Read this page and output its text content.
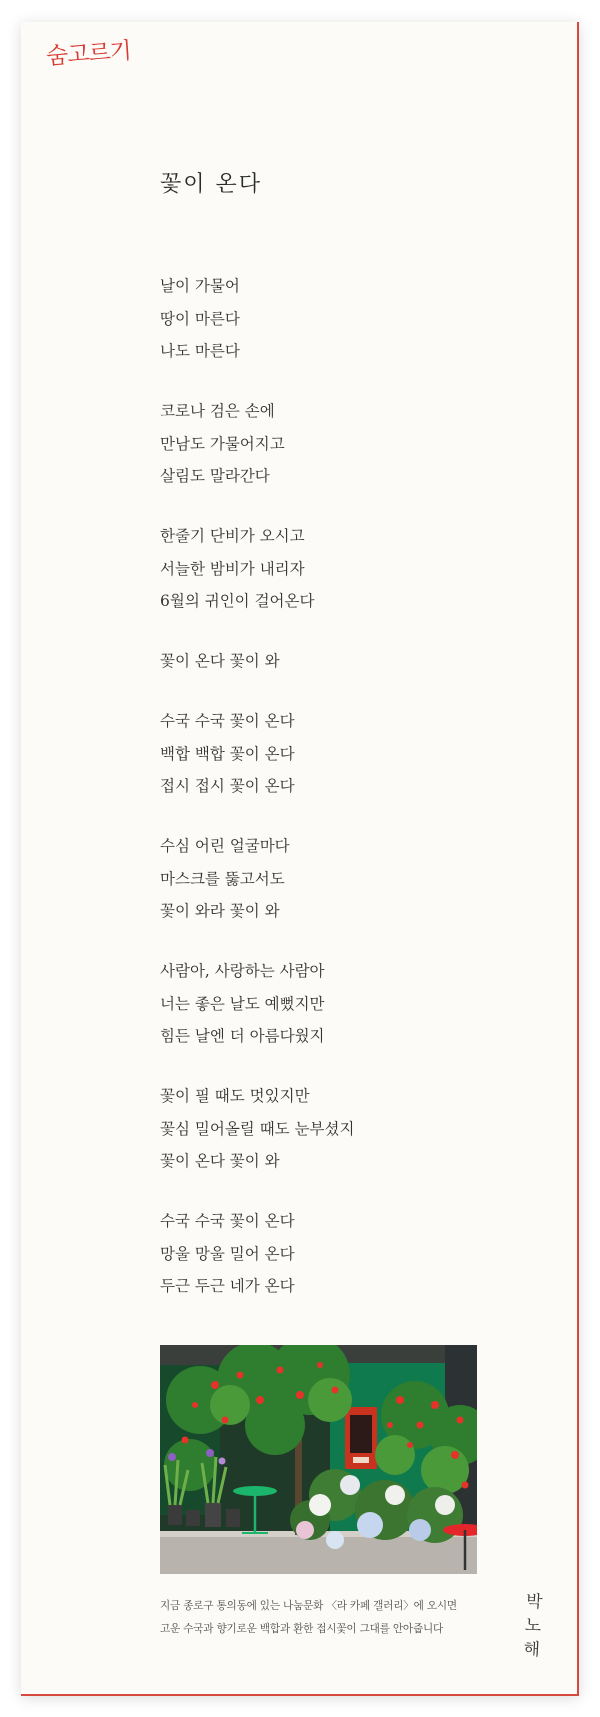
숨고르기
꽃이 온다
날이 가물어
땅이 마른다
나도 마른다
코로나 검은 손에
만남도 가물어지고
살림도 말라간다
한줄기 단비가 오시고
서늘한 밤비가 내리자
6월의 귀인이 걸어온다
꽃이 온다 꽃이 와
수국 수국 꽃이 온다
백합 백합 꽃이 온다
접시 접시 꽃이 온다
수심 어린 얼굴마다
마스크를 뚫고서도
꽃이 와라 꽃이 와
사람아, 사랑하는 사람아
너는 좋은 날도 예뻤지만
힘든 날엔 더 아름다웠지
꽃이 필 때도 멋있지만
꽃심 밀어올릴 때도 눈부셨지
꽃이 온다 꽃이 와
수국 수국 꽃이 온다
망울 망울 밀어 온다
두근 두근 네가 온다
지금 종로구 통의동에 있는 나눔문화 〈라 카페 갤러리〉에 오시면
고운 수국과 향기로운 백합과 환한 접시꽃이 그대를 안아줍니다
박
노
해
